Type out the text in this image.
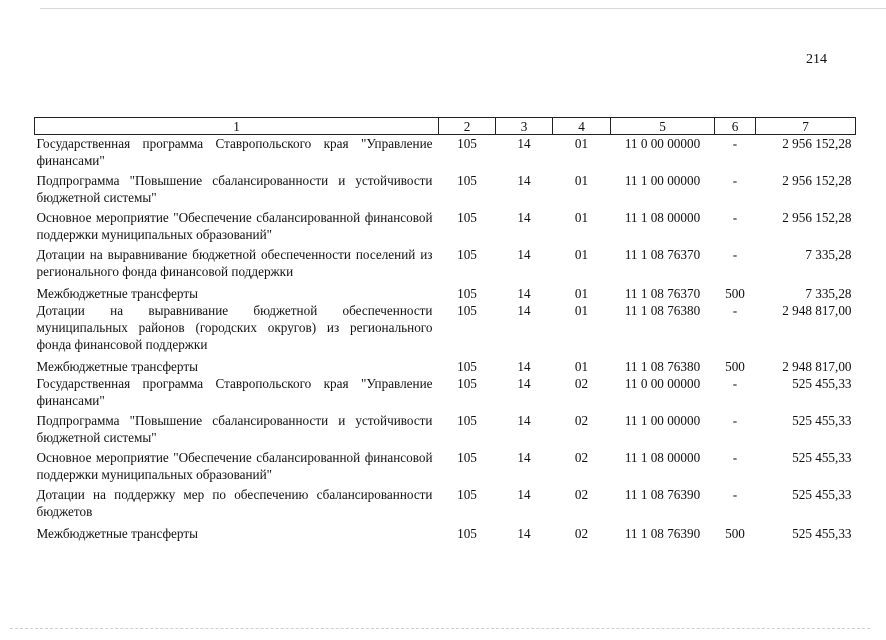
214
1	2	3	4	5	6	7
Государственная программа Ставропольского края "Управление финансами"	105	14	01	11 0 00 00000	-	2 956 152,28
Подпрограмма "Повышение сбалансированности и устойчивости бюджетной системы"	105	14	01	11 1 00 00000	-	2 956 152,28
Основное мероприятие "Обеспечение сбалансированной финансовой поддержки муниципальных образований"	105	14	01	11 1 08 00000	-	2 956 152,28
Дотации на выравнивание бюджетной обеспеченности поселений из регионального фонда финансовой поддержки	105	14	01	11 1 08 76370	-	7 335,28
Межбюджетные трансферты	105	14	01	11 1 08 76370	500	7 335,28
Дотации на выравнивание бюджетной обеспеченности муниципальных районов (городских округов) из регионального фонда финансовой поддержки	105	14	01	11 1 08 76380	-	2 948 817,00
Межбюджетные трансферты	105	14	01	11 1 08 76380	500	2 948 817,00
Государственная программа Ставропольского края "Управление финансами"	105	14	02	11 0 00 00000	-	525 455,33
Подпрограмма "Повышение сбалансированности и устойчивости бюджетной системы"	105	14	02	11 1 00 00000	-	525 455,33
Основное мероприятие "Обеспечение сбалансированной финансовой поддержки муниципальных образований"	105	14	02	11 1 08 00000	-	525 455,33
Дотации на поддержку мер по обеспечению сбалансированности бюджетов	105	14	02	11 1 08 76390	-	525 455,33
Межбюджетные трансферты	105	14	02	11 1 08 76390	500	525 455,33
